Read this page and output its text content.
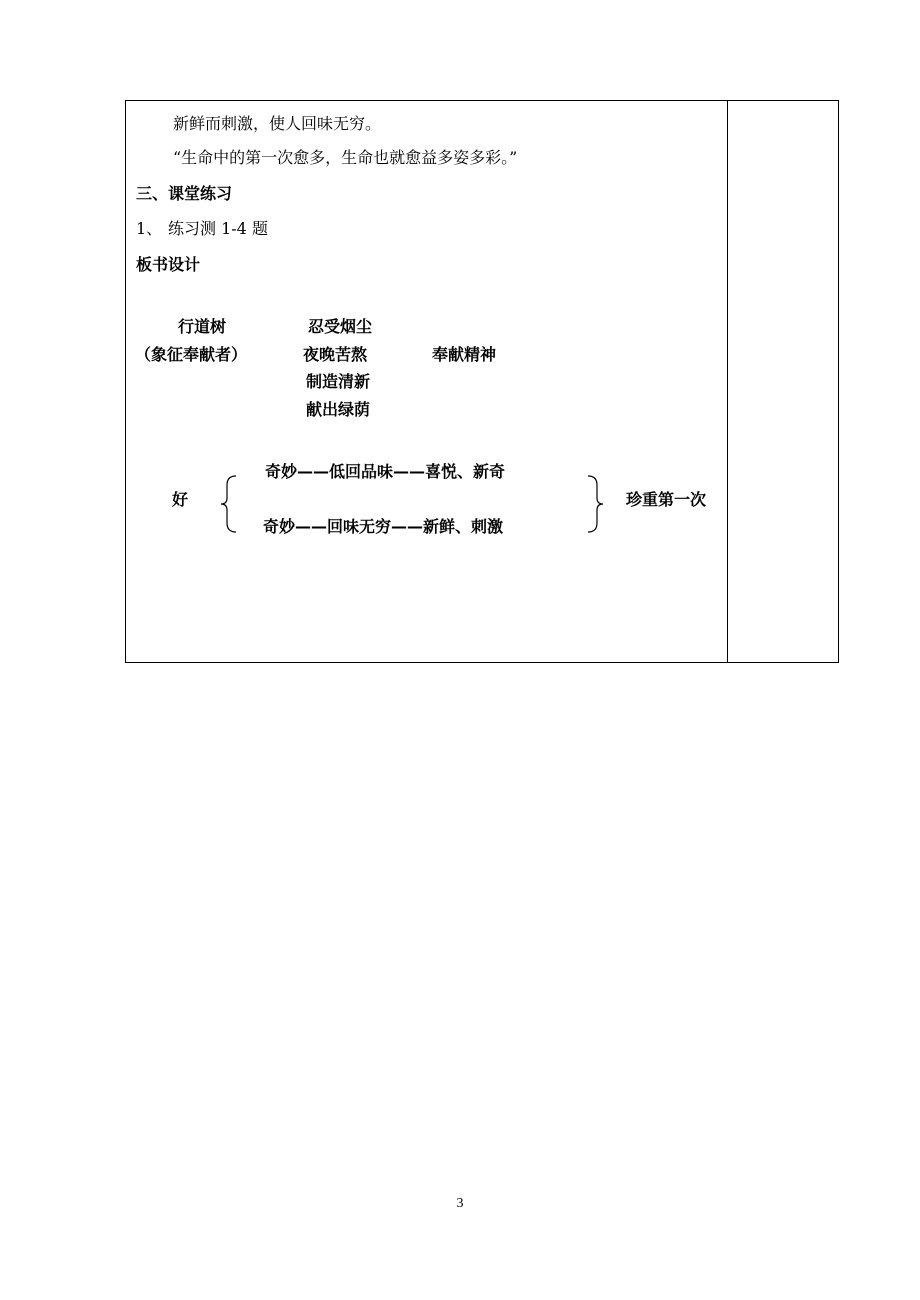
新鲜而刺激，使人回味无穷。
“生命中的第一次愈多，生命也就愈益多姿多彩。”
三、课堂练习
1、 练习测 1-4 题
板书设计
行道树
（象征奉献者）
忍受烟尘
夜晚苦熬
制造清新
献出绿荫
奉献精神
好
奇妙——低回品味——喜悦、新奇
奇妙——回味无穷——新鲜、刺激
珍重第一次
3
